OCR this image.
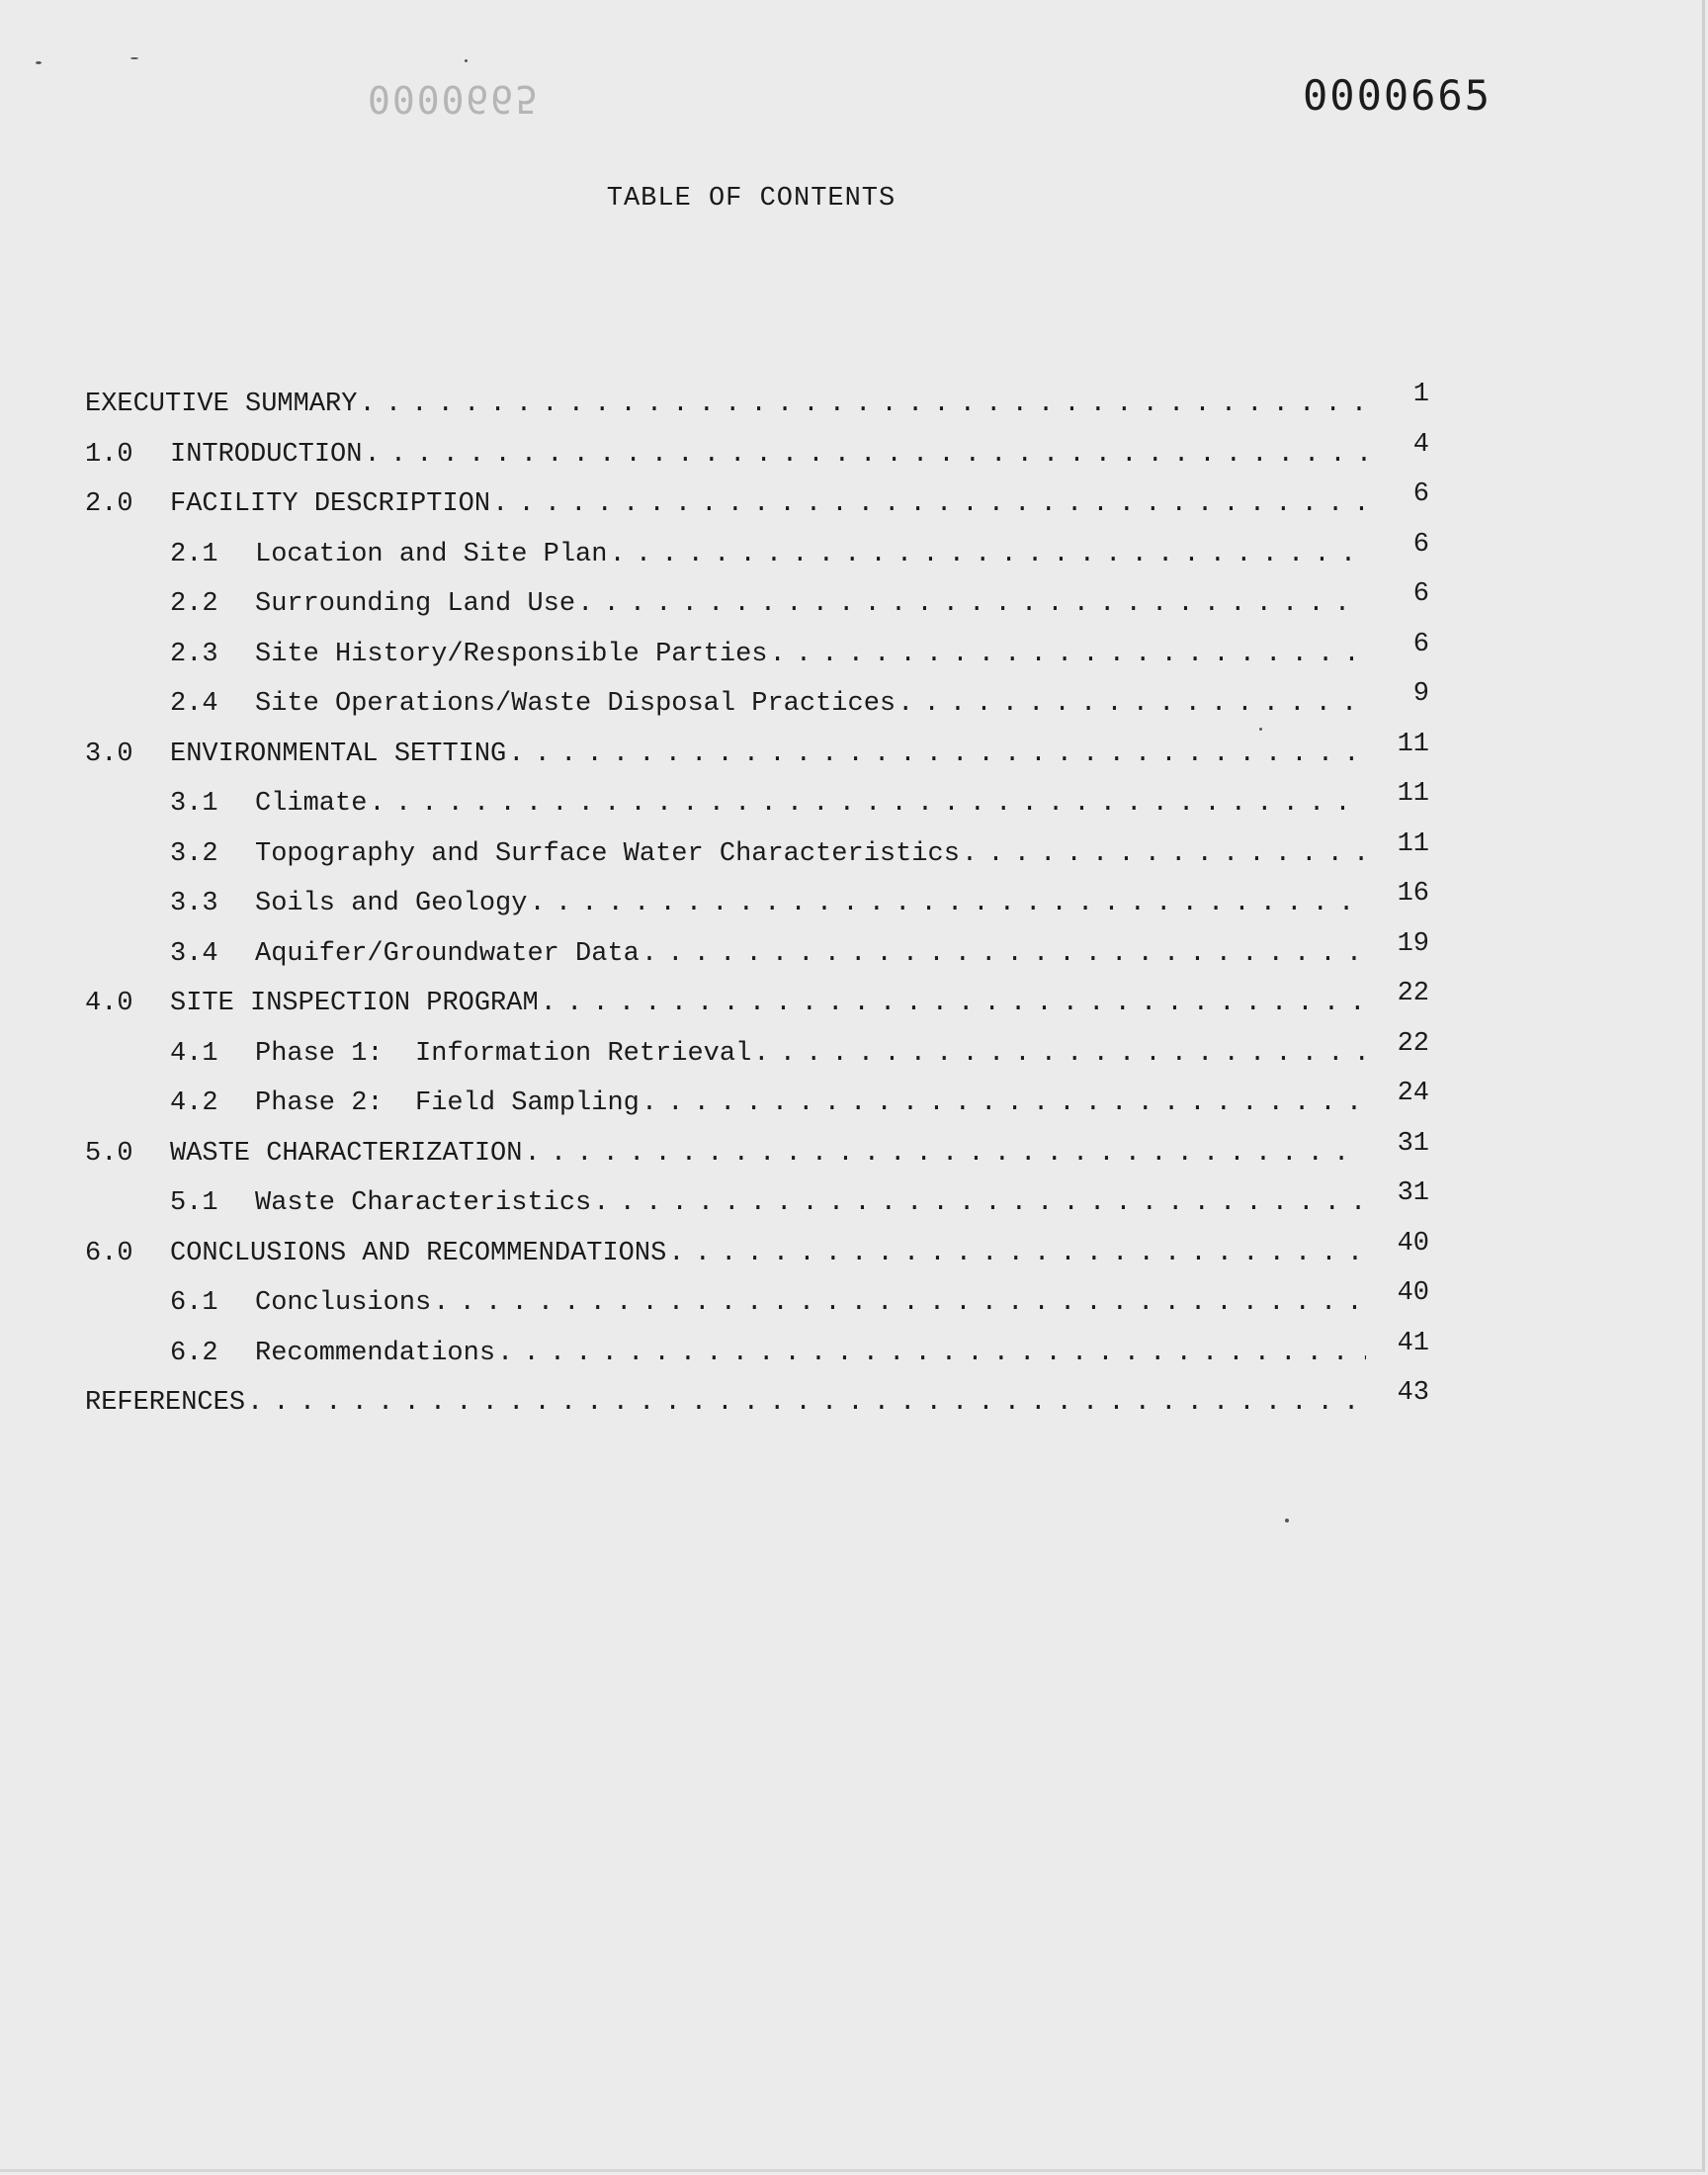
0000665	0000665
TABLE OF CONTENTS
EXECUTIVE SUMMARY . . .	1
1.0	INTRODUCTION . . .	4
2.0	FACILITY DESCRIPTION . . .	6
2.1	Location and Site Plan . . .	6
2.2	Surrounding Land Use . . .	6
2.3	Site History/Responsible Parties . . .	6
2.4	Site Operations/Waste Disposal Practices . . .	9
3.0	ENVIRONMENTAL SETTING . . .	11
3.1	Climate . . .	11
3.2	Topography and Surface Water Characteristics . . .	11
3.3	Soils and Geology . . .	16
3.4	Aquifer/Groundwater Data . . .	19
4.0	SITE INSPECTION PROGRAM . . .	22
4.1	Phase 1:  Information Retrieval . . .	22
4.2	Phase 2:  Field Sampling . . .	24
5.0	WASTE CHARACTERIZATION . . .	31
5.1	Waste Characteristics . . .	31
6.0	CONCLUSIONS AND RECOMMENDATIONS . . .	40
6.1	Conclusions . . .	40
6.2	Recommendations . . .	41
REFERENCES . . .	43
